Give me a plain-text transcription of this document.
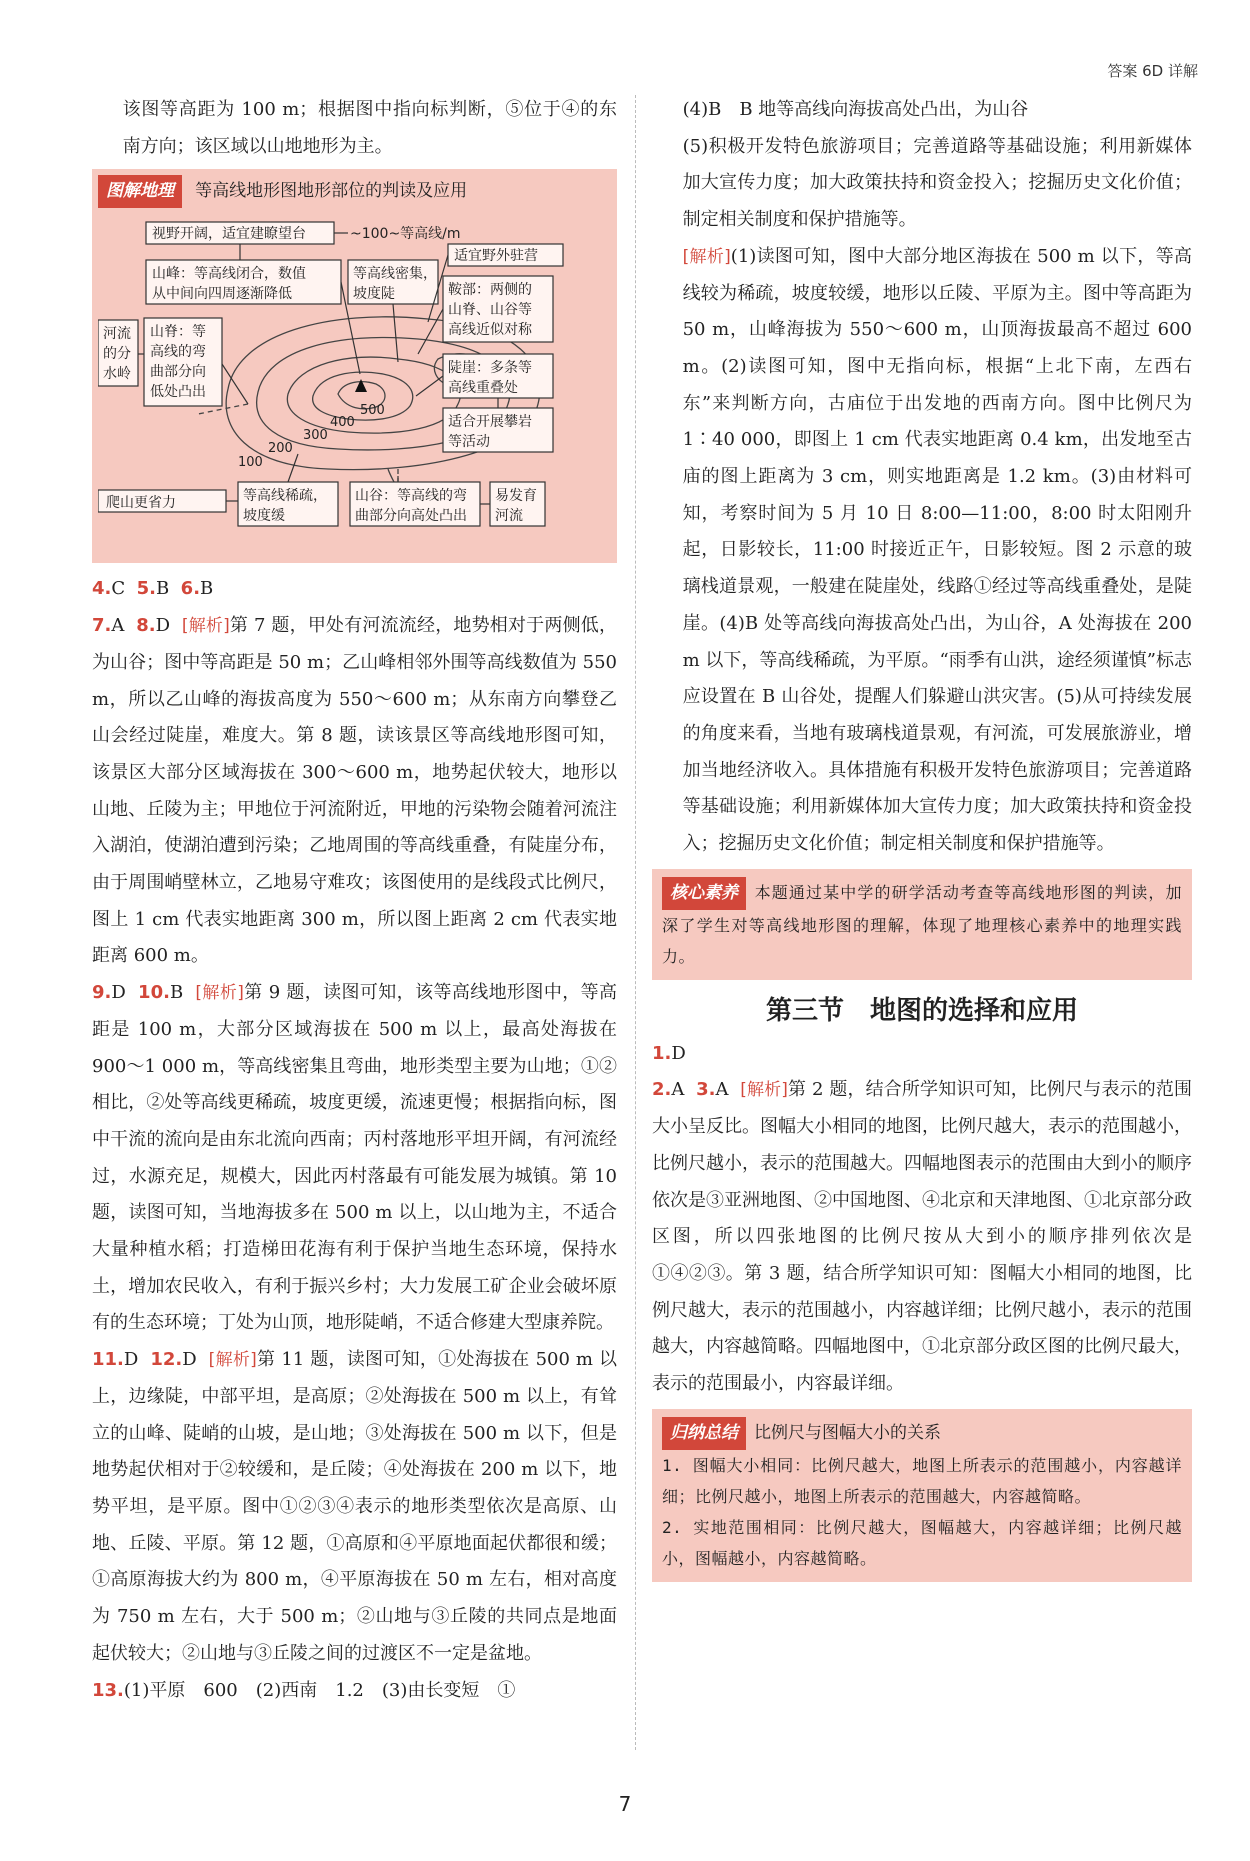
答案 6D 详解

该图等高距为 100 m；根据图中指向标判断，⑤位于④的东南方向；该区域以山地地形为主。

图解地理 等高线地形图地形部位的判读及应用
500
400
300
200
100
视野开阔，适宜建瞭望台	~100~等高线/m
山峰：等高线闭合，数值
从中间向四周逐渐降低
等高线密集，
坡度陡
适宜野外驻营
鞍部：两侧的
山脊、山谷等
高线近似对称
河流
的分
水岭
山脊：等
高线的弯
曲部分向
低处凸出
陡崖：多条等
高线重叠处
适合开展攀岩
等活动
爬山更省力	等高线稀疏，
坡度缓
山谷：等高线的弯
曲部分向高处凸出
易发育
河流

4.C 5.B 6.B

7.A 8.D [解析]第 7 题，甲处有河流流经，地势相对于两侧低，为山谷；图中等高距是 50 m；乙山峰相邻外围等高线数值为 550 m，所以乙山峰的海拔高度为 550～600 m；从东南方向攀登乙山会经过陡崖，难度大。第 8 题，读该景区等高线地形图可知，该景区大部分区域海拔在 300～600 m，地势起伏较大，地形以山地、丘陵为主；甲地位于河流附近，甲地的污染物会随着河流注入湖泊，使湖泊遭到污染；乙地周围的等高线重叠，有陡崖分布，由于周围峭壁林立，乙地易守难攻；该图使用的是线段式比例尺，图上 1 cm 代表实地距离 300 m，所以图上距离 2 cm 代表实地距离 600 m。

9.D 10.B [解析]第 9 题，读图可知，该等高线地形图中，等高距是 100 m，大部分区域海拔在 500 m 以上，最高处海拔在 900～1 000 m，等高线密集且弯曲，地形类型主要为山地；①②相比，②处等高线更稀疏，坡度更缓，流速更慢；根据指向标，图中干流的流向是由东北流向西南；丙村落地形平坦开阔，有河流经过，水源充足，规模大，因此丙村落最有可能发展为城镇。第 10 题，读图可知，当地海拔多在 500 m 以上，以山地为主，不适合大量种植水稻；打造梯田花海有利于保护当地生态环境，保持水土，增加农民收入，有利于振兴乡村；大力发展工矿企业会破坏原有的生态环境；丁处为山顶，地形陡峭，不适合修建大型康养院。

11.D 12.D [解析]第 11 题，读图可知，①处海拔在 500 m 以上，边缘陡，中部平坦，是高原；②处海拔在 500 m 以上，有耸立的山峰、陡峭的山坡，是山地；③处海拔在 500 m 以下，但是地势起伏相对于②较缓和，是丘陵；④处海拔在 200 m 以下，地势平坦，是平原。图中①②③④表示的地形类型依次是高原、山地、丘陵、平原。第 12 题，①高原和④平原地面起伏都很和缓；①高原海拔大约为 800 m，④平原海拔在 50 m 左右，相对高度为 750 m 左右，大于 500 m；②山地与③丘陵的共同点是地面起伏较大；②山地与③丘陵之间的过渡区不一定是盆地。

13.(1)平原　600　(2)西南　1.2　(3)由长变短　①

(4)B　B 地等高线向海拔高处凸出，为山谷

(5)积极开发特色旅游项目；完善道路等基础设施；利用新媒体加大宣传力度；加大政策扶持和资金投入；挖掘历史文化价值；制定相关制度和保护措施等。

[解析](1)读图可知，图中大部分地区海拔在 500 m 以下，等高线较为稀疏，坡度较缓，地形以丘陵、平原为主。图中等高距为 50 m，山峰海拔为 550～600 m，山顶海拔最高不超过 600 m。(2)读图可知，图中无指向标，根据“上北下南，左西右东”来判断方向，古庙位于出发地的西南方向。图中比例尺为 1∶40 000，即图上 1 cm 代表实地距离 0.4 km，出发地至古庙的图上距离为 3 cm，则实地距离是 1.2 km。(3)由材料可知，考察时间为 5 月 10 日 8:00—11:00，8:00 时太阳刚升起，日影较长，11:00 时接近正午，日影较短。图 2 示意的玻璃栈道景观，一般建在陡崖处，线路①经过等高线重叠处，是陡崖。(4)B 处等高线向海拔高处凸出，为山谷，A 处海拔在 200 m 以下，等高线稀疏，为平原。“雨季有山洪，途经须谨慎”标志应设置在 B 山谷处，提醒人们躲避山洪灾害。(5)从可持续发展的角度来看，当地有玻璃栈道景观，有河流，可发展旅游业，增加当地经济收入。具体措施有积极开发特色旅游项目；完善道路等基础设施；利用新媒体加大宣传力度；加大政策扶持和资金投入；挖掘历史文化价值；制定相关制度和保护措施等。

核心素养 本题通过某中学的研学活动考查等高线地形图的判读，加深了学生对等高线地形图的理解，体现了地理核心素养中的地理实践力。
第三节　地图的选择和应用

1.D

2.A 3.A [解析]第 2 题，结合所学知识可知，比例尺与表示的范围大小呈反比。图幅大小相同的地图，比例尺越大，表示的范围越小，比例尺越小，表示的范围越大。四幅地图表示的范围由大到小的顺序依次是③亚洲地图、②中国地图、④北京和天津地图、①北京部分政区图，所以四张地图的比例尺按从大到小的顺序排列依次是①④②③。第 3 题，结合所学知识可知：图幅大小相同的地图，比例尺越大，表示的范围越小，内容越详细；比例尺越小，表示的范围越大，内容越简略。四幅地图中，①北京部分政区图的比例尺最大，表示的范围最小，内容最详细。

归纳总结 比例尺与图幅大小的关系
1. 图幅大小相同：比例尺越大，地图上所表示的范围越小，内容越详细；比例尺越小，地图上所表示的范围越大，内容越简略。
2. 实地范围相同：比例尺越大，图幅越大，内容越详细；比例尺越小，图幅越小，内容越简略。
7
